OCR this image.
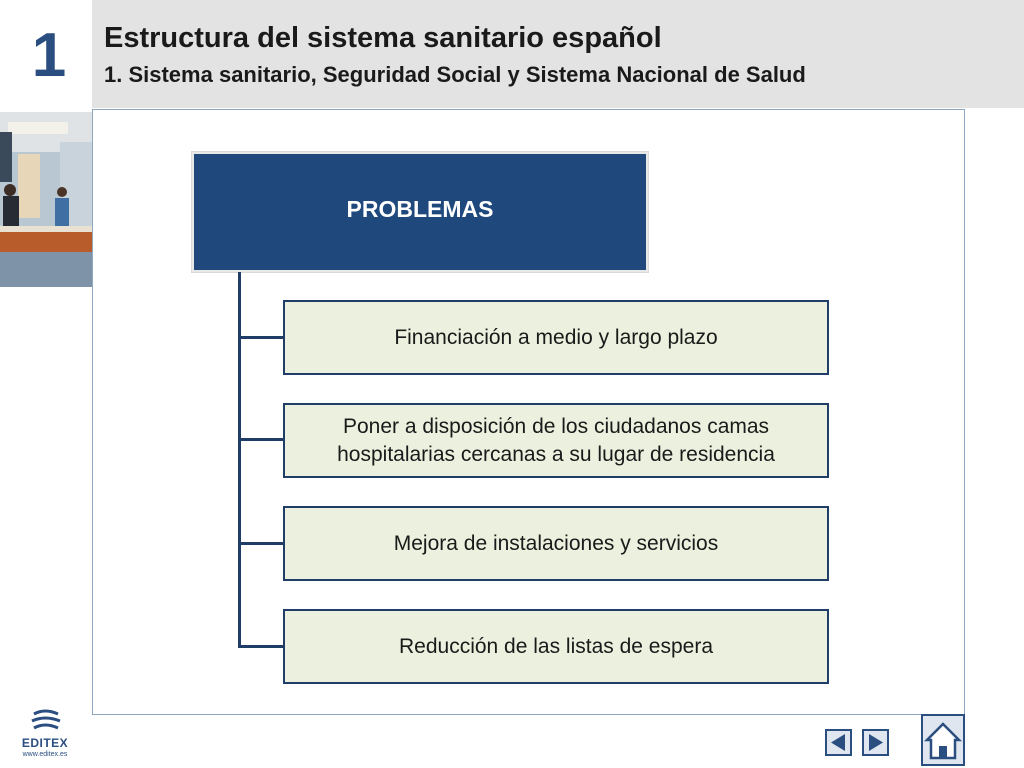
1 Estructura del sistema sanitario español
1. Sistema sanitario, Seguridad Social y Sistema Nacional de Salud
PROBLEMAS
Financiación a medio y largo plazo
Poner a disposición de los ciudadanos camas hospitalarias cercanas a su lugar de residencia
Mejora de instalaciones y servicios
Reducción de las listas de espera
EDITEX
www.editex.es
